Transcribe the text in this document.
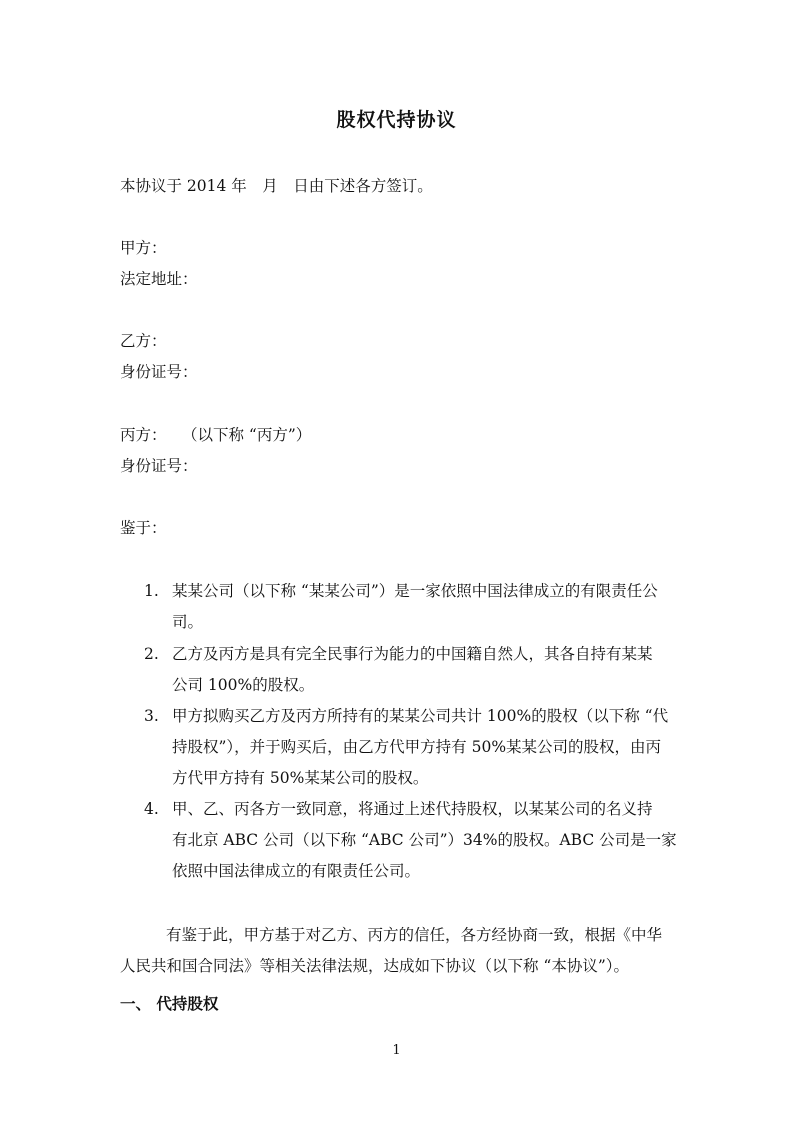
股权代持协议
本协议于 2014 年　月　日由下述各方签订。
甲方：
法定地址：
乙方：
身份证号：
丙方：　　（以下称 “丙方”）
身份证号：
鉴于：
1. 某某公司（以下称 “某某公司”）是一家依照中国法律成立的有限责任公
司。
2. 乙方及丙方是具有完全民事行为能力的中国籍自然人，其各自持有某某
公司 100%的股权。
3. 甲方拟购买乙方及丙方所持有的某某公司共计 100%的股权（以下称 “代
持股权”），并于购买后，由乙方代甲方持有 50%某某公司的股权，由丙
方代甲方持有 50%某某公司的股权。
4. 甲、乙、丙各方一致同意，将通过上述代持股权，以某某公司的名义持
有北京 ABC 公司（以下称 “ABC 公司”）34%的股权。ABC 公司是一家
依照中国法律成立的有限责任公司。
有鉴于此，甲方基于对乙方、丙方的信任，各方经协商一致，根据《中华
人民共和国合同法》等相关法律法规，达成如下协议（以下称 “本协议”）。
一、 代持股权
1
